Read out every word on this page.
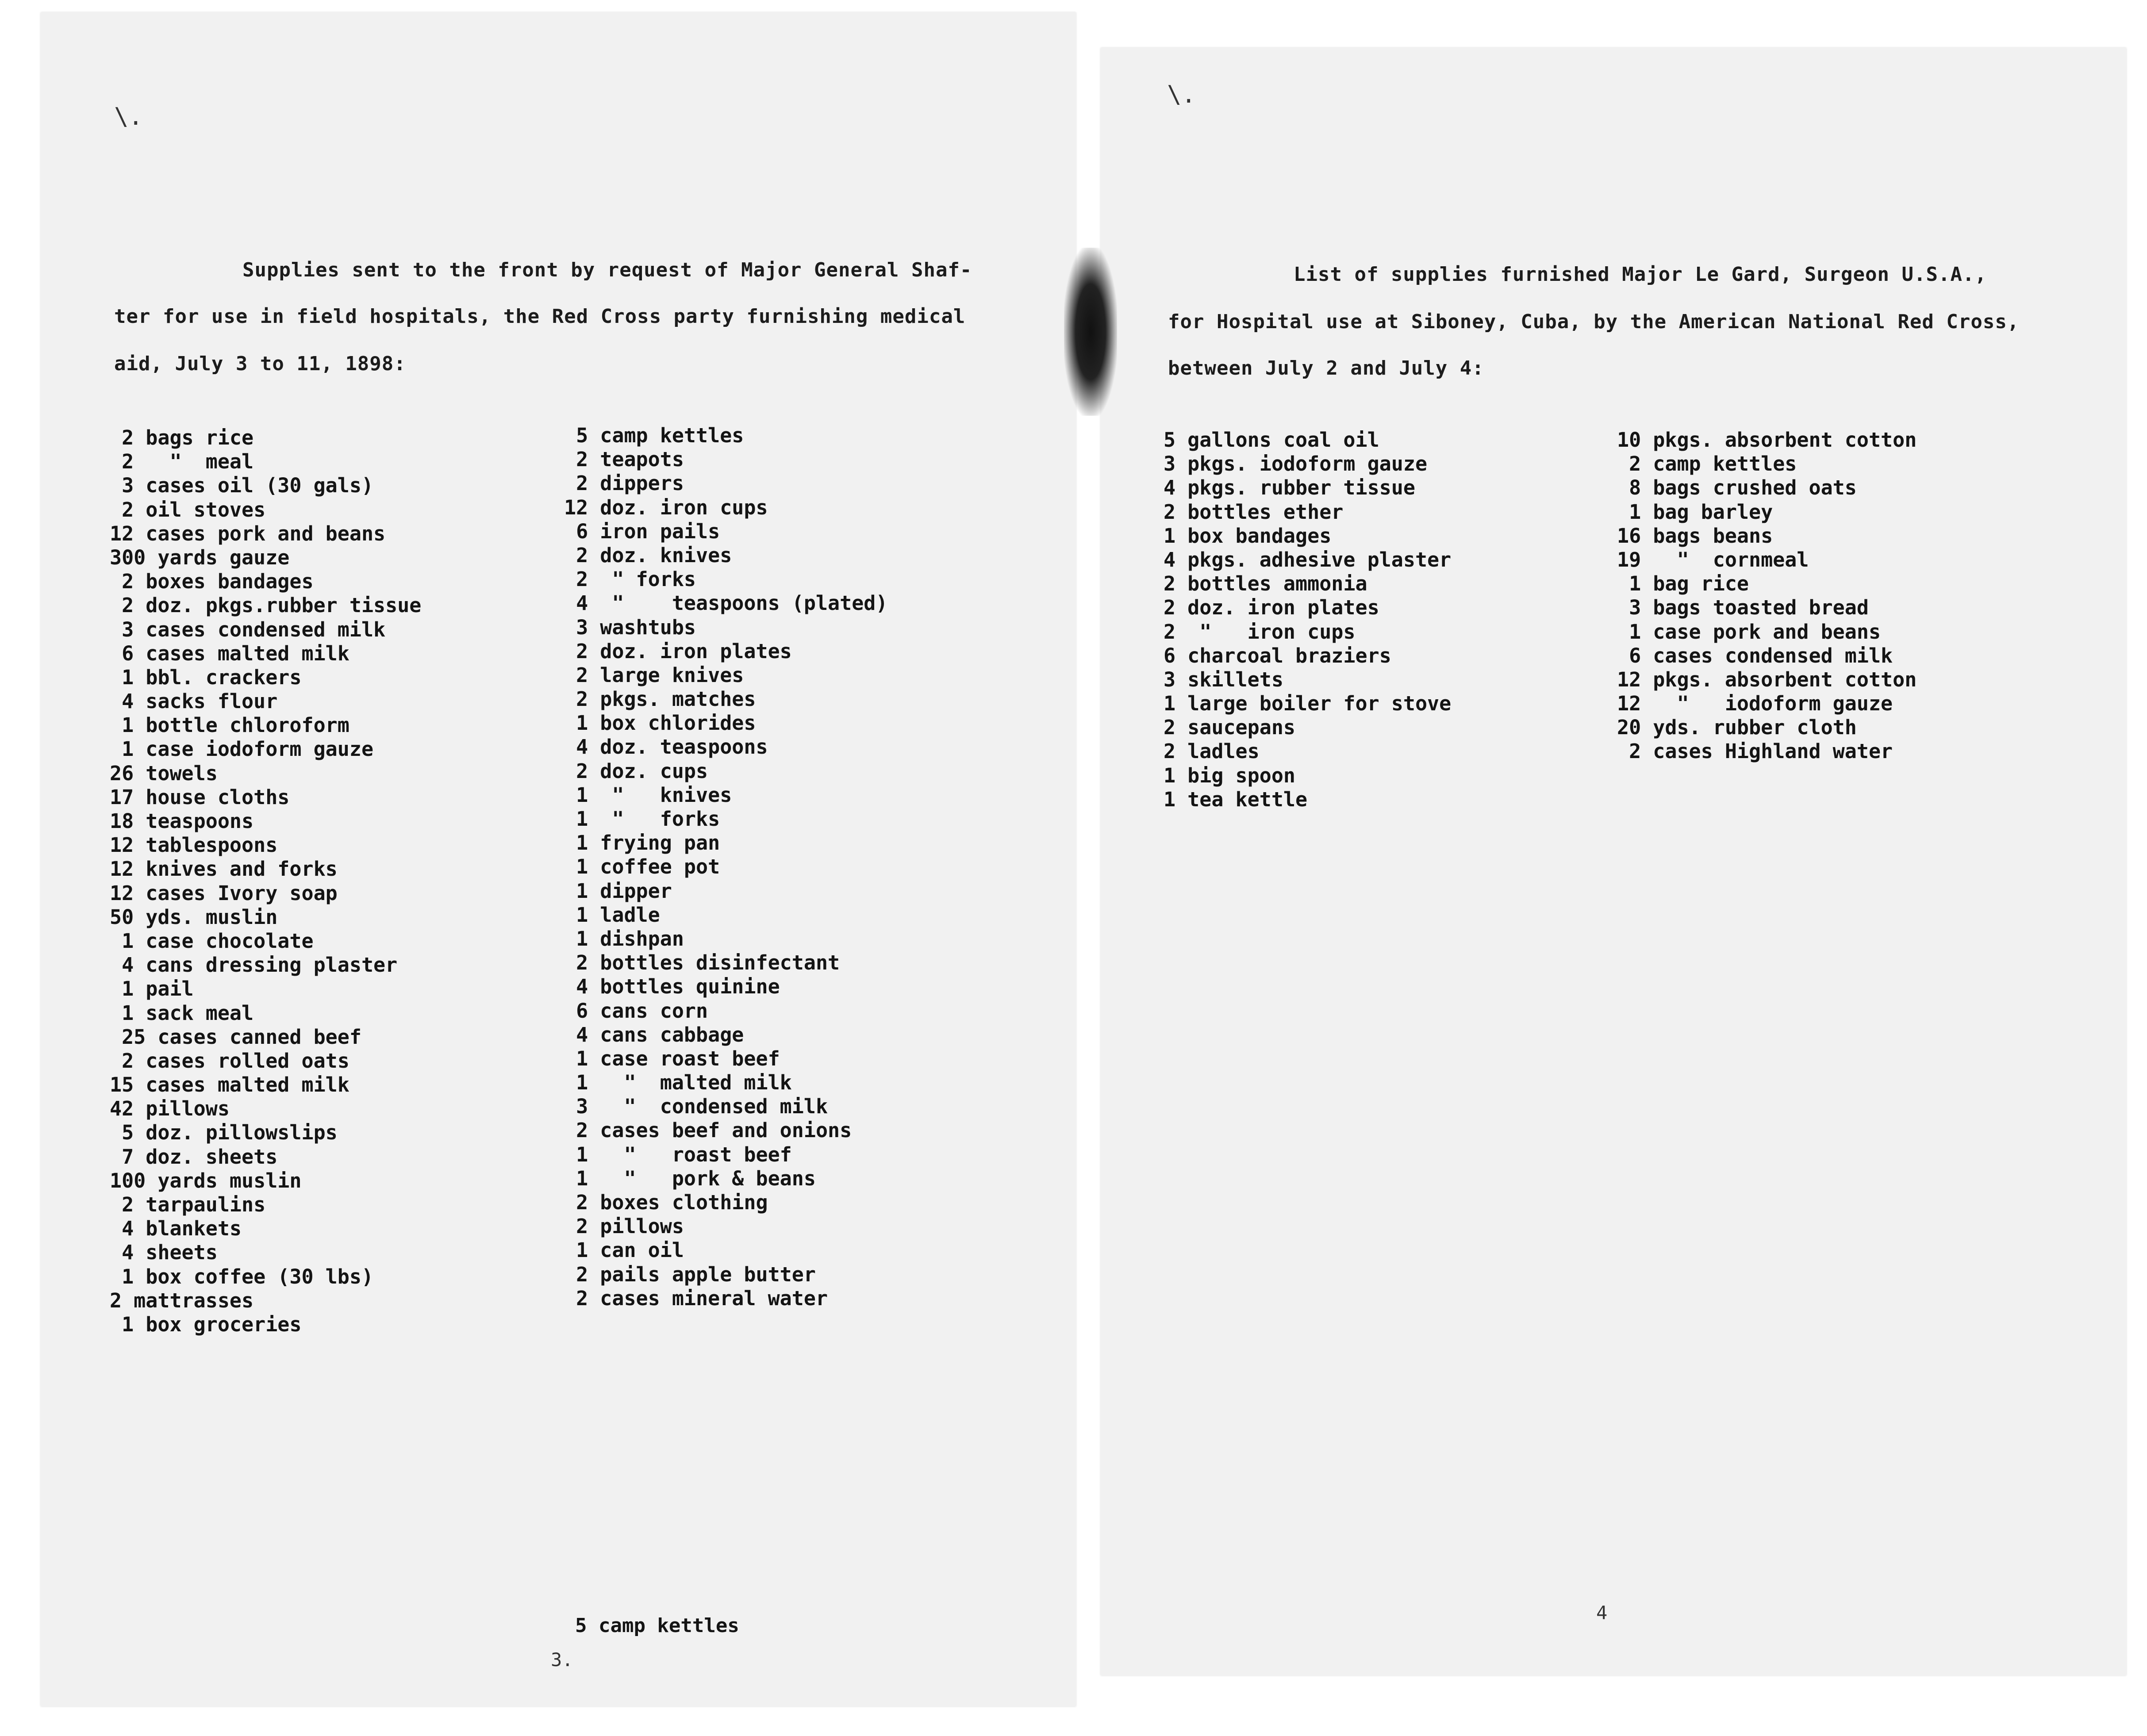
\.
Supplies sent to the front by request of Major General Shaf-
ter for use in field hospitals, the Red Cross party furnishing medical
aid, July 3 to 11, 1898:
2 bags rice
2   "  meal
3 cases oil (30 gals)
2 oil stoves
12 cases pork and beans
300 yards gauze
2 boxes bandages
2 doz. pkgs.rubber tissue
3 cases condensed milk
6 cases malted milk
1 bbl. crackers
4 sacks flour
1 bottle chloroform
1 case iodoform gauze
26 towels
17 house cloths
18 teaspoons
12 tablespoons
12 knives and forks
12 cases Ivory soap
50 yds. muslin
1 case chocolate
4 cans dressing plaster
1 pail
1 sack meal
25 cases canned beef
2 cases rolled oats
15 cases malted milk
42 pillows
5 doz. pillowslips
7 doz. sheets
100 yards muslin
2 tarpaulins
4 blankets
4 sheets
1 box coffee (30 lbs)
2 mattrasses
1 box groceries
5 camp kettles
2 teapots
2 dippers
12 doz. iron cups
6 iron pails
2 doz. knives
2  " forks
4  "    teaspoons (plated)
3 washtubs
2 doz. iron plates
2 large knives
2 pkgs. matches
1 box chlorides
4 doz. teaspoons
2 doz. cups
1  "   knives
1  "   forks
1 frying pan
1 coffee pot
1 dipper
1 ladle
1 dishpan
2 bottles disinfectant
4 bottles quinine
6 cans corn
4 cans cabbage
1 case roast beef
1   "  malted milk
3   "  condensed milk
2 cases beef and onions
1   "   roast beef
1   "   pork & beans
2 boxes clothing
2 pillows
1 can oil
2 pails apple butter
2 cases mineral water
5 camp kettles
3.
\.
List of supplies furnished Major Le Gard, Surgeon U.S.A.,
for Hospital use at Siboney, Cuba, by the American National Red Cross,
between July 2 and July 4:
5 gallons coal oil
3 pkgs. iodoform gauze
4 pkgs. rubber tissue
2 bottles ether
1 box bandages
4 pkgs. adhesive plaster
2 bottles ammonia
2 doz. iron plates
2  "   iron cups
6 charcoal braziers
3 skillets
1 large boiler for stove
2 saucepans
2 ladles
1 big spoon
1 tea kettle
10 pkgs. absorbent cotton
2 camp kettles
8 bags crushed oats
1 bag barley
16 bags beans
19   "  cornmeal
1 bag rice
3 bags toasted bread
1 case pork and beans
6 cases condensed milk
12 pkgs. absorbent cotton
12   "   iodoform gauze
20 yds. rubber cloth
2 cases Highland water
4
